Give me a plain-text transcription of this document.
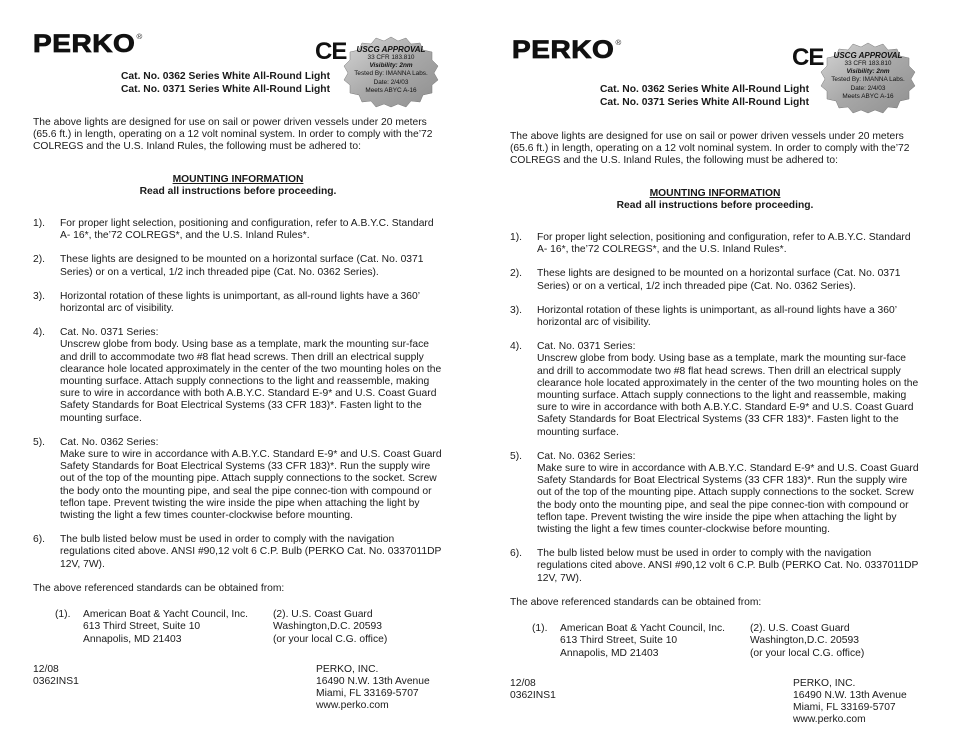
PERKO®
CE	USCG APPROVAL
33 CFR 183.810
Visibility: 2nm
Tested By: IMANNA Labs.
Date: 2/4/03
Meets ABYC A-16
Cat. No. 0362 Series White All-Round Light
Cat. No. 0371 Series White All-Round Light

The above lights are designed for use on sail or power driven vessels under 20 meters (65.6 ft.) in length, operating on a 12 volt nominal system. In order to comply with the’72 COLREGS and the U.S. Inland Rules, the following must be adhered to:

MOUNTING INFORMATION
Read all instructions before proceeding.
1).	For proper light selection, positioning and configuration, refer to A.B.Y.C. Standard A- 16*, the’72 COLREGS*, and the U.S. Inland Rules*.
2).	These lights are designed to be mounted on a horizontal surface (Cat. No. 0371 Series) or on a vertical, 1/2 inch threaded pipe (Cat. No. 0362 Series).
3).	Horizontal rotation of these lights is unimportant, as all-round lights have a 360’ horizontal arc of visibility.
4).	Cat. No. 0371 Series:
Unscrew globe from body. Using base as a template, mark the mounting sur-face and drill to accommodate two #8 flat head screws. Then drill an electrical supply clearance hole located approximately in the center of the two mounting holes on the mounting surface. Attach supply connections to the light and reassemble, making sure to wire in accordance with both A.B.Y.C. Standard E-9* and U.S. Coast Guard Safety Standards for Boat Electrical Systems (33 CFR 183)*. Fasten light to the mounting surface.
5).	Cat. No. 0362 Series:
Make sure to wire in accordance with A.B.Y.C. Standard E-9* and U.S. Coast Guard Safety Standards for Boat Electrical Systems (33 CFR 183)*. Run the supply wire out of the top of the mounting pipe. Attach supply connections to the socket. Screw the body onto the mounting pipe, and seal the pipe connec-tion with compound or teflon tape. Prevent twisting the wire inside the pipe when attaching the light by twisting the light a few times counter-clockwise before mounting.
6).	The bulb listed below must be used in order to comply with the navigation regulations cited above. ANSI #90,12 volt 6 C.P. Bulb (PERKO Cat. No. 0337011DP 12V, 7W).
The above referenced standards can be obtained from:
(1).	American Boat & Yacht Council, Inc.
613 Third Street, Suite 10
Annapolis, MD 21403
(2). U.S. Coast Guard
Washington,D.C. 20593
(or your local C.G. office)
12/08
0362INS1
PERKO, INC.
16490 N.W. 13th Avenue
Miami, FL 33169-5707
www.perko.com
PERKO®
CE	USCG APPROVAL
33 CFR 183.810
Visibility: 2nm
Tested By: IMANNA Labs.
Date: 2/4/03
Meets ABYC A-16
Cat. No. 0362 Series White All-Round Light
Cat. No. 0371 Series White All-Round Light

The above lights are designed for use on sail or power driven vessels under 20 meters (65.6 ft.) in length, operating on a 12 volt nominal system. In order to comply with the’72 COLREGS and the U.S. Inland Rules, the following must be adhered to:

MOUNTING INFORMATION
Read all instructions before proceeding.
1).	For proper light selection, positioning and configuration, refer to A.B.Y.C. Standard A- 16*, the’72 COLREGS*, and the U.S. Inland Rules*.
2).	These lights are designed to be mounted on a horizontal surface (Cat. No. 0371 Series) or on a vertical, 1/2 inch threaded pipe (Cat. No. 0362 Series).
3).	Horizontal rotation of these lights is unimportant, as all-round lights have a 360’ horizontal arc of visibility.
4).	Cat. No. 0371 Series:
Unscrew globe from body. Using base as a template, mark the mounting sur-face and drill to accommodate two #8 flat head screws. Then drill an electrical supply clearance hole located approximately in the center of the two mounting holes on the mounting surface. Attach supply connections to the light and reassemble, making sure to wire in accordance with both A.B.Y.C. Standard E-9* and U.S. Coast Guard Safety Standards for Boat Electrical Systems (33 CFR 183)*. Fasten light to the mounting surface.
5).	Cat. No. 0362 Series:
Make sure to wire in accordance with A.B.Y.C. Standard E-9* and U.S. Coast Guard Safety Standards for Boat Electrical Systems (33 CFR 183)*. Run the supply wire out of the top of the mounting pipe. Attach supply connections to the socket. Screw the body onto the mounting pipe, and seal the pipe connec-tion with compound or teflon tape. Prevent twisting the wire inside the pipe when attaching the light by twisting the light a few times counter-clockwise before mounting.
6).	The bulb listed below must be used in order to comply with the navigation regulations cited above. ANSI #90,12 volt 6 C.P. Bulb (PERKO Cat. No. 0337011DP 12V, 7W).
The above referenced standards can be obtained from:
(1).	American Boat & Yacht Council, Inc.
613 Third Street, Suite 10
Annapolis, MD 21403
(2). U.S. Coast Guard
Washington,D.C. 20593
(or your local C.G. office)
12/08
0362INS1
PERKO, INC.
16490 N.W. 13th Avenue
Miami, FL 33169-5707
www.perko.com
